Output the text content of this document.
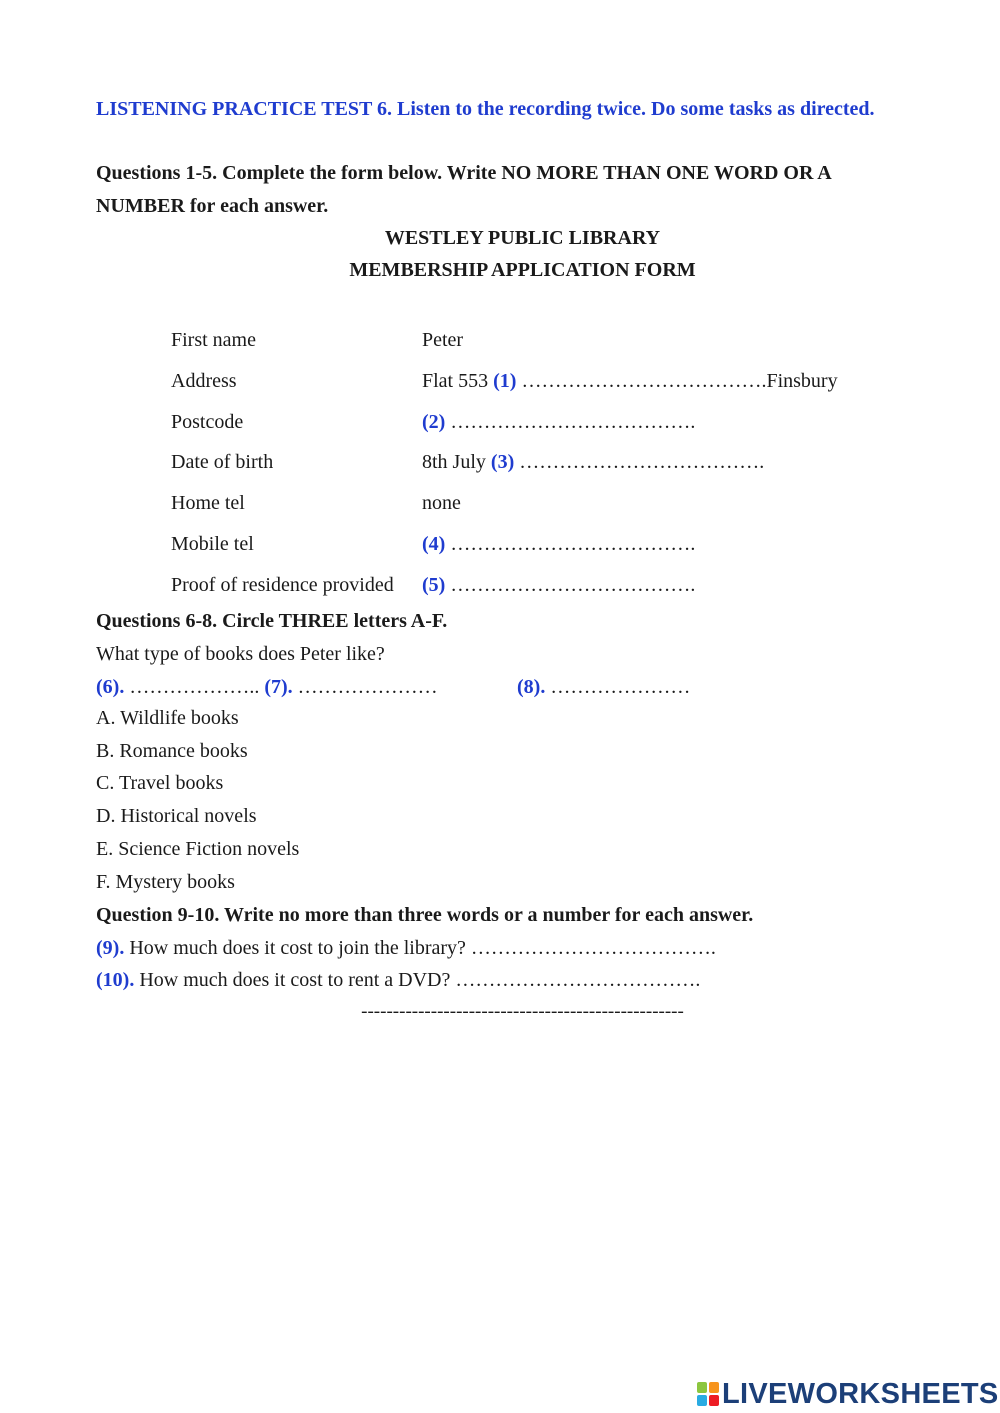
LISTENING PRACTICE TEST 6. Listen to the recording twice. Do some tasks as directed.
Questions 1-5. Complete the form below. Write NO MORE THAN ONE WORD OR A
NUMBER for each answer.
WESTLEY PUBLIC LIBRARY
MEMBERSHIP APPLICATION FORM
First name	Peter
Address	Flat 553 (1) ……………………………….Finsbury
Postcode	(2) ……………………………….
Date of birth	8th July (3) ……………………………….
Home tel	none
Mobile tel	(4) ……………………………….
Proof of residence provided (5) ……………………………….
Questions 6-8. Circle THREE letters A-F.
What type of books does Peter like?
(6). ……………….. (7). …………………	(8). …………………
A. Wildlife books
B. Romance books
C. Travel books
D. Historical novels
E. Science Fiction novels
F. Mystery books
Question 9-10. Write no more than three words or a number for each answer.
(9). How much does it cost to join the library? ……………………………….
(10). How much does it cost to rent a DVD? ……………………………….
---------------------------------------------------
LIVEWORKSHEETS
